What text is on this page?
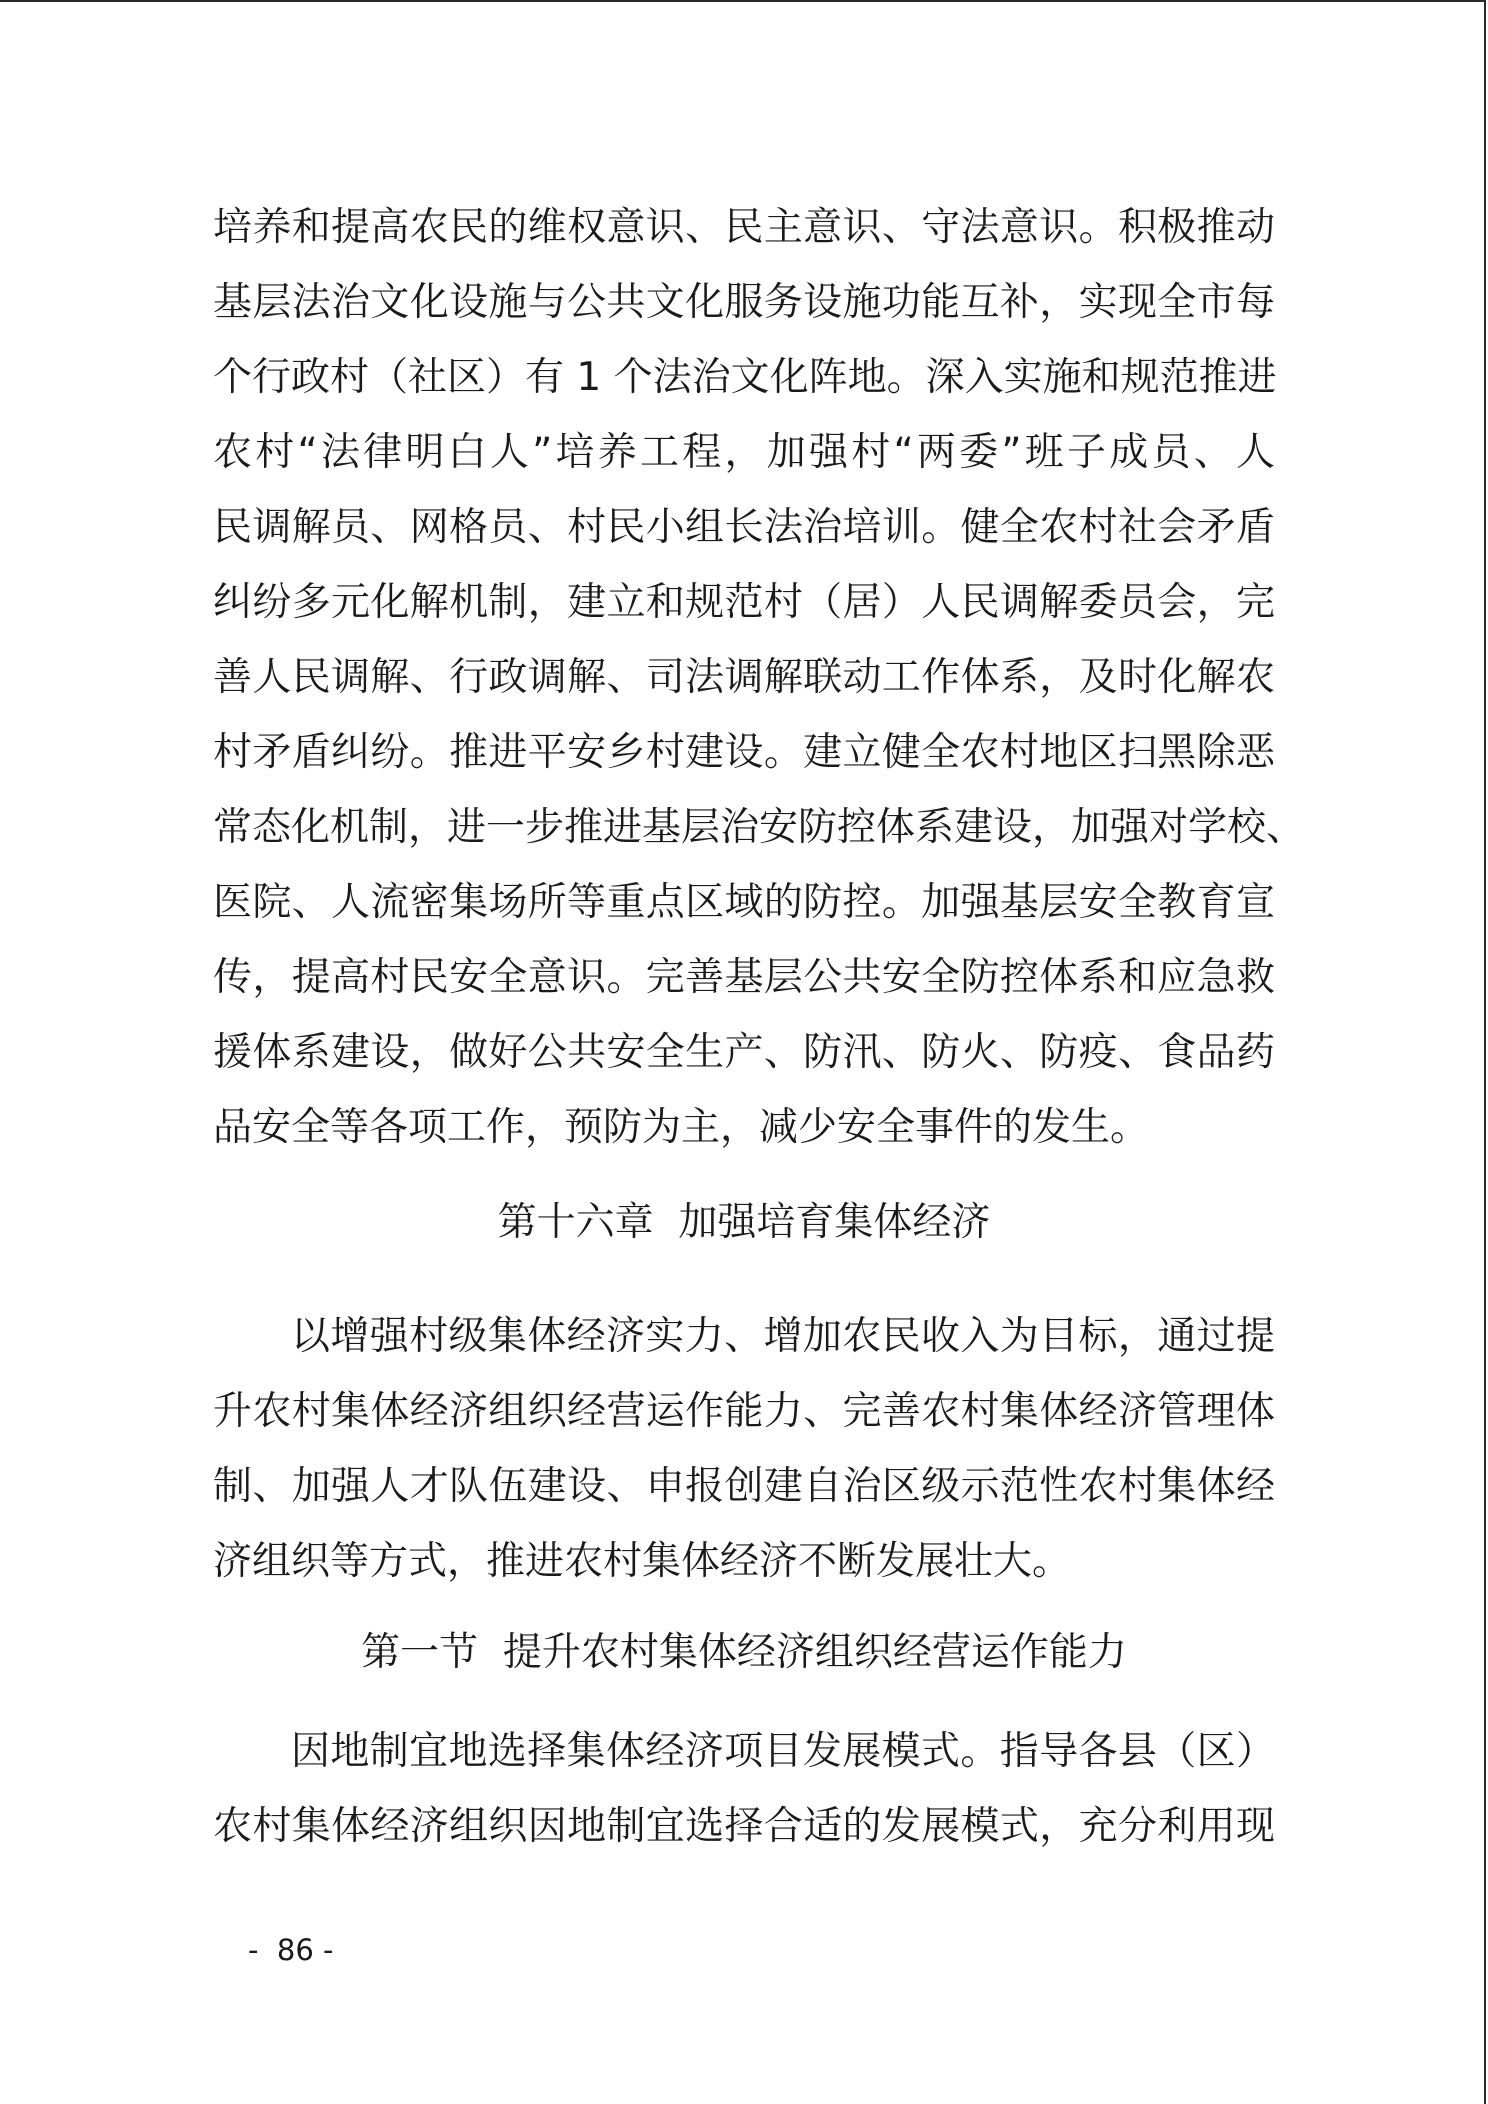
培养和提高农民的维权意识、民主意识、守法意识。积极推动
基层法治文化设施与公共文化服务设施功能互补，实现全市每
个行政村（社区）有 1 个法治文化阵地。深入实施和规范推进
农村“法律明白人”培养工程，加强村“两委”班子成员、人
民调解员、网格员、村民小组长法治培训。健全农村社会矛盾
纠纷多元化解机制，建立和规范村（居）人民调解委员会，完
善人民调解、行政调解、司法调解联动工作体系，及时化解农
村矛盾纠纷。推进平安乡村建设。建立健全农村地区扫黑除恶
常态化机制，进一步推进基层治安防控体系建设，加强对学校、
医院、人流密集场所等重点区域的防控。加强基层安全教育宣
传，提高村民安全意识。完善基层公共安全防控体系和应急救
援体系建设，做好公共安全生产、防汛、防火、防疫、食品药
品安全等各项工作，预防为主，减少安全事件的发生。
第十六章  加强培育集体经济
以增强村级集体经济实力、增加农民收入为目标，通过提
升农村集体经济组织经营运作能力、完善农村集体经济管理体
制、加强人才队伍建设、申报创建自治区级示范性农村集体经
济组织等方式，推进农村集体经济不断发展壮大。
第一节  提升农村集体经济组织经营运作能力
因地制宜地选择集体经济项目发展模式。指导各县（区）
农村集体经济组织因地制宜选择合适的发展模式，充分利用现
-  86 -
